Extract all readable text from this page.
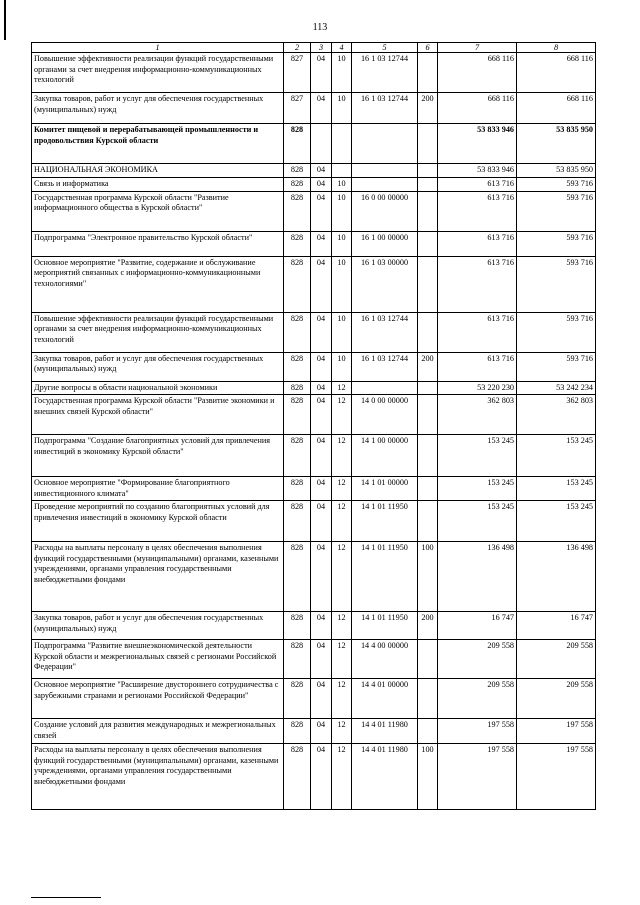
113
1	2	3	4	5	6	7	8
Повышение эффективности реализации функций государственными органами за счет внедрения информационно-коммуникационных технологий	827	04	10	16 1 03 12744		668 116	668 116
Закупка товаров, работ и услуг для обеспечения государственных (муниципальных) нужд	827	04	10	16 1 03 12744	200	668 116	668 116
Комитет пищевой и перерабатывающей промышленности и продовольствия Курской области	828					53 833 946	53 835 950
НАЦИОНАЛЬНАЯ ЭКОНОМИКА	828	04				53 833 946	53 835 950
Связь и информатика	828	04	10			613 716	593 716
Государственная программа Курской области "Развитие информационного общества в Курской области"	828	04	10	16 0 00 00000		613 716	593 716
Подпрограмма "Электронное правительство Курской области"	828	04	10	16 1 00 00000		613 716	593 716
Основное мероприятие "Развитие, содержание и обслуживание мероприятий связанных с информационно-коммуникационными технологиями"	828	04	10	16 1 03 00000		613 716	593 716
Повышение эффективности реализации функций государственными органами за счет внедрения информационно-коммуникационных технологий	828	04	10	16 1 03 12744		613 716	593 716
Закупка товаров, работ и услуг для обеспечения государственных (муниципальных) нужд	828	04	10	16 1 03 12744	200	613 716	593 716
Другие вопросы в области национальной экономики	828	04	12			53 220 230	53 242 234
Государственная программа Курской области "Развитие экономики и внешних связей Курской области"	828	04	12	14 0 00 00000		362 803	362 803
Подпрограмма "Создание благоприятных условий для привлечения инвестиций в экономику Курской области"	828	04	12	14 1 00 00000		153 245	153 245
Основное мероприятие "Формирование благоприятного инвестиционного климата"	828	04	12	14 1 01 00000		153 245	153 245
Проведение мероприятий по созданию благоприятных условий для привлечения инвестиций в экономику Курской области	828	04	12	14 1 01 11950		153 245	153 245
Расходы на выплаты персоналу в целях обеспечения выполнения функций государственными (муниципальными) органами, казенными учреждениями, органами управления государственными внебюджетными фондами	828	04	12	14 1 01 11950	100	136 498	136 498
Закупка товаров, работ и услуг для обеспечения государственных (муниципальных) нужд	828	04	12	14 1 01 11950	200	16 747	16 747
Подпрограмма "Развитие внешнеэкономической деятельности Курской области и межрегиональных связей с регионами Российской Федерации"	828	04	12	14 4 00 00000		209 558	209 558
Основное мероприятие "Расширение двустороннего сотрудничества с зарубежными странами и регионами Российской Федерации"	828	04	12	14 4 01 00000		209 558	209 558
Создание условий для развития международных и межрегиональных связей	828	04	12	14 4 01 11980		197 558	197 558
Расходы на выплаты персоналу в целях обеспечения выполнения функций государственными (муниципальными) органами, казенными учреждениями, органами управления государственными внебюджетными фондами	828	04	12	14 4 01 11980	100	197 558	197 558
